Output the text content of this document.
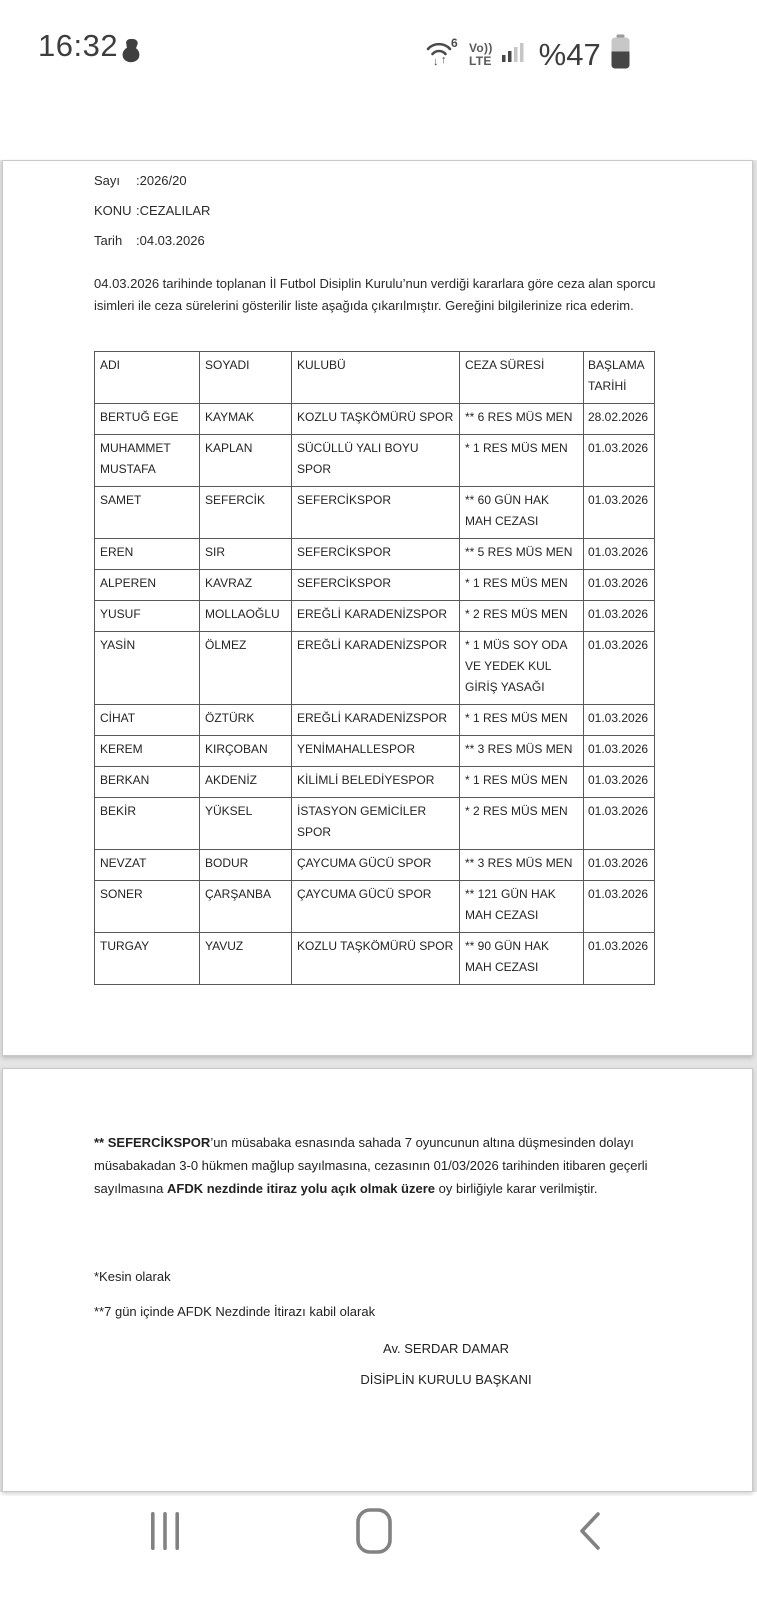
16:32	↓ ↑
6 Vo))
LTE %47
Sayı	:2026/20
KONU :CEZALILAR
Tarih	:04.03.2026

04.03.2026 tarihinde toplanan İl Futbol Disiplin Kurulu’nun verdiği kararlara göre ceza alan sporcu isimleri ile ceza sürelerini gösterilir liste aşağıda çıkarılmıştır. Gereğini bilgilerinize rica ederim.

ADI	SOYADI	KULUBÜ	CEZA SÜRESİ	BAŞLAMA TARİHİ
BERTUĞ EGE	KAYMAK	KOZLU TAŞKÖMÜRÜ SPOR	** 6 RES MÜS MEN	28.02.2026
MUHAMMET MUSTAFA	KAPLAN	SÜCÜLLÜ YALI BOYU SPOR	* 1 RES MÜS MEN	01.03.2026
SAMET	SEFERCİK	SEFERCİKSPOR	** 60 GÜN HAK MAH CEZASI	01.03.2026
EREN	SIR	SEFERCİKSPOR	** 5 RES MÜS MEN	01.03.2026
ALPEREN	KAVRAZ	SEFERCİKSPOR	* 1 RES MÜS MEN	01.03.2026
YUSUF	MOLLAOĞLU	EREĞLİ KARADENİZSPOR	* 2 RES MÜS MEN	01.03.2026
YASİN	ÖLMEZ	EREĞLİ KARADENİZSPOR	* 1 MÜS SOY ODA VE YEDEK KUL GİRİŞ YASAĞI	01.03.2026
CİHAT	ÖZTÜRK	EREĞLİ KARADENİZSPOR	* 1 RES MÜS MEN	01.03.2026
KEREM	KIRÇOBAN	YENİMAHALLESPOR	** 3 RES MÜS MEN	01.03.2026
BERKAN	AKDENİZ	KİLİMLİ BELEDİYESPOR	* 1 RES MÜS MEN	01.03.2026
BEKİR	YÜKSEL	İSTASYON GEMİCİLER SPOR	* 2 RES MÜS MEN	01.03.2026
NEVZAT	BODUR	ÇAYCUMA GÜCÜ SPOR	** 3 RES MÜS MEN	01.03.2026
SONER	ÇARŞANBA	ÇAYCUMA GÜCÜ SPOR	** 121 GÜN HAK MAH CEZASI	01.03.2026
TURGAY	YAVUZ	KOZLU TAŞKÖMÜRÜ SPOR	** 90 GÜN HAK MAH CEZASI	01.03.2026

** SEFERCİKSPOR’un müsabaka esnasında sahada 7 oyuncunun altına düşmesinden dolayı müsabakadan 3-0 hükmen mağlup sayılmasına, cezasının 01/03/2026 tarihinden itibaren geçerli sayılmasına AFDK nezdinde itiraz yolu açık olmak üzere oy birliğiyle karar verilmiştir.

*Kesin olarak
**7 gün içinde AFDK Nezdinde İtirazı kabil olarak
Av. SERDAR DAMAR
DİSİPLİN KURULU BAŞKANI
